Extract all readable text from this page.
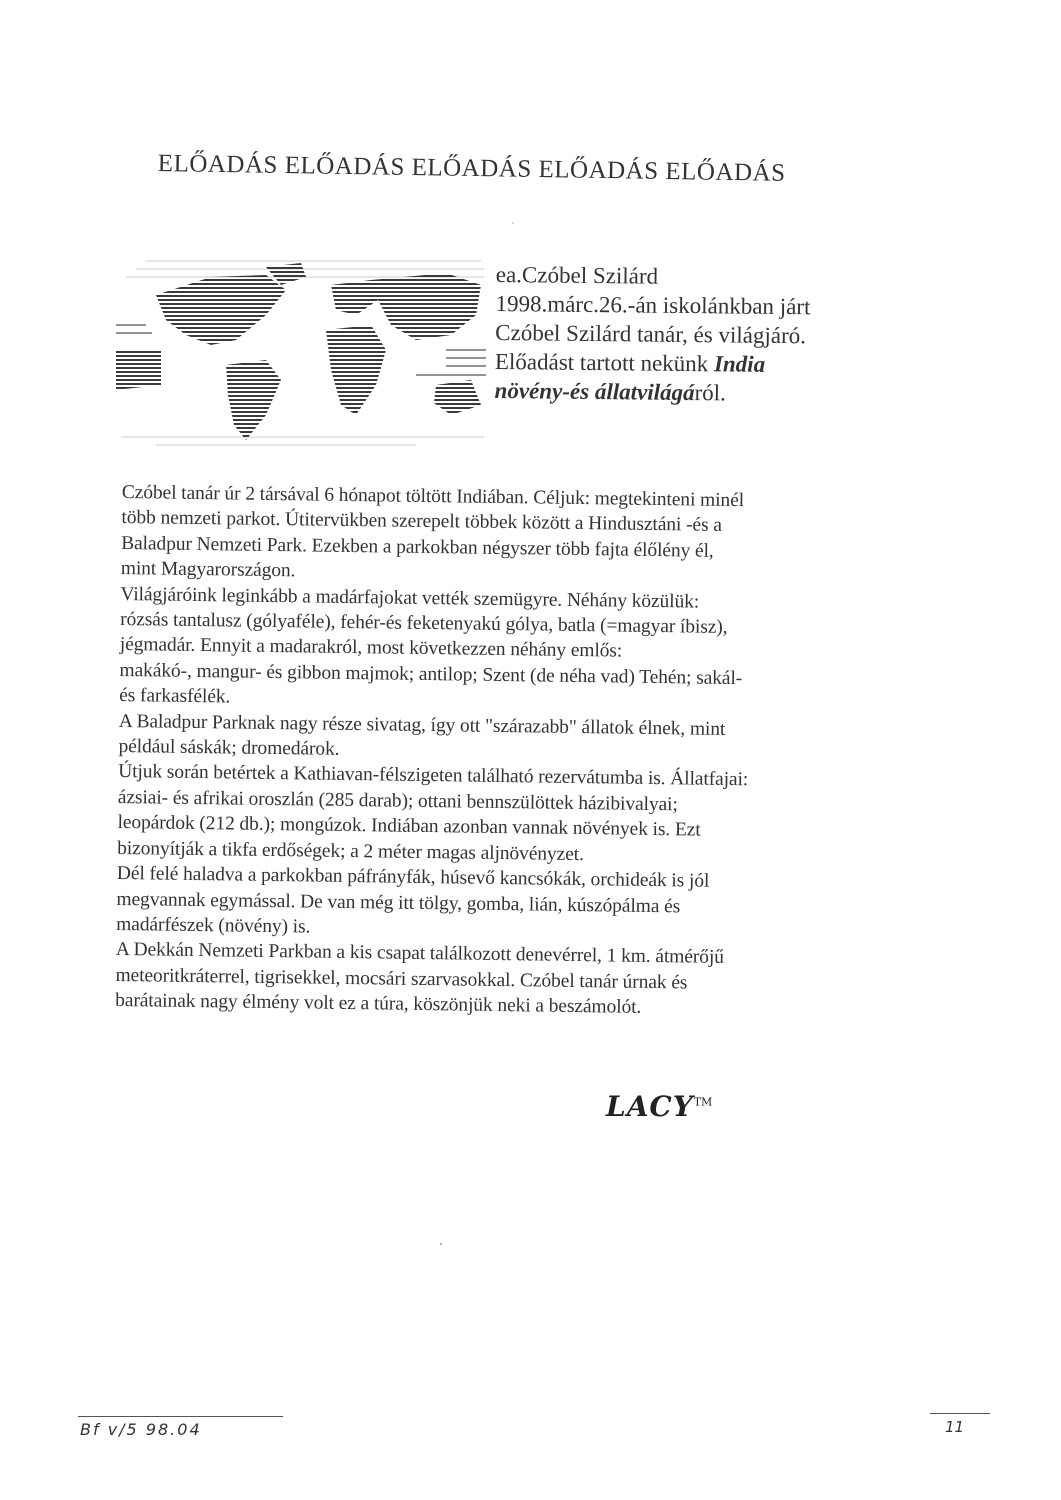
ELŐADÁS ELŐADÁS ELŐADÁS ELŐADÁS ELŐADÁS
ea.Czóbel Szilárd
1998.márc.26.-án iskolánkban járt
Czóbel Szilárd tanár, és világjáró.
Előadást tartott nekünk India
növény-és állatvilágáról.
Czóbel tanár úr 2 társával 6 hónapot töltött Indiában. Céljuk: megtekinteni minél
több nemzeti parkot. Útitervükben szerepelt többek között a Hindusztáni -és a
Baladpur Nemzeti Park. Ezekben a parkokban négyszer több fajta élőlény él,
mint Magyarországon.
Világjáróink leginkább a madárfajokat vették szemügyre. Néhány közülük:
rózsás tantalusz (gólyaféle), fehér-és feketenyakú gólya, batla (=magyar íbisz),
jégmadár. Ennyit a madarakról, most következzen néhány emlős:
makákó-, mangur- és gibbon majmok; antilop; Szent (de néha vad) Tehén; sakál-
és farkasfélék.
A Baladpur Parknak nagy része sivatag, így ott "szárazabb" állatok élnek, mint
például sáskák; dromedárok.
Útjuk során betértek a Kathiavan-félszigeten található rezervátumba is. Állatfajai:
ázsiai- és afrikai oroszlán (285 darab); ottani bennszülöttek házibivalyai;
leopárdok (212 db.); mongúzok. Indiában azonban vannak növények is. Ezt
bizonyítják a tikfa erdőségek; a 2 méter magas aljnövényzet.
Dél felé haladva a parkokban páfrányfák, húsevő kancsókák, orchideák is jól
megvannak egymással. De van még itt tölgy, gomba, lián, kúszópálma és
madárfészek (növény) is.
A Dekkán Nemzeti Parkban a kis csapat találkozott denevérrel, 1 km. átmérőjű
meteoritkráterrel, tigrisekkel, mocsári szarvasokkal. Czóbel tanár úrnak és
barátainak nagy élmény volt ez a túra, köszönjük neki a beszámolót.
LACY™
Bf v/5 98.04	11
